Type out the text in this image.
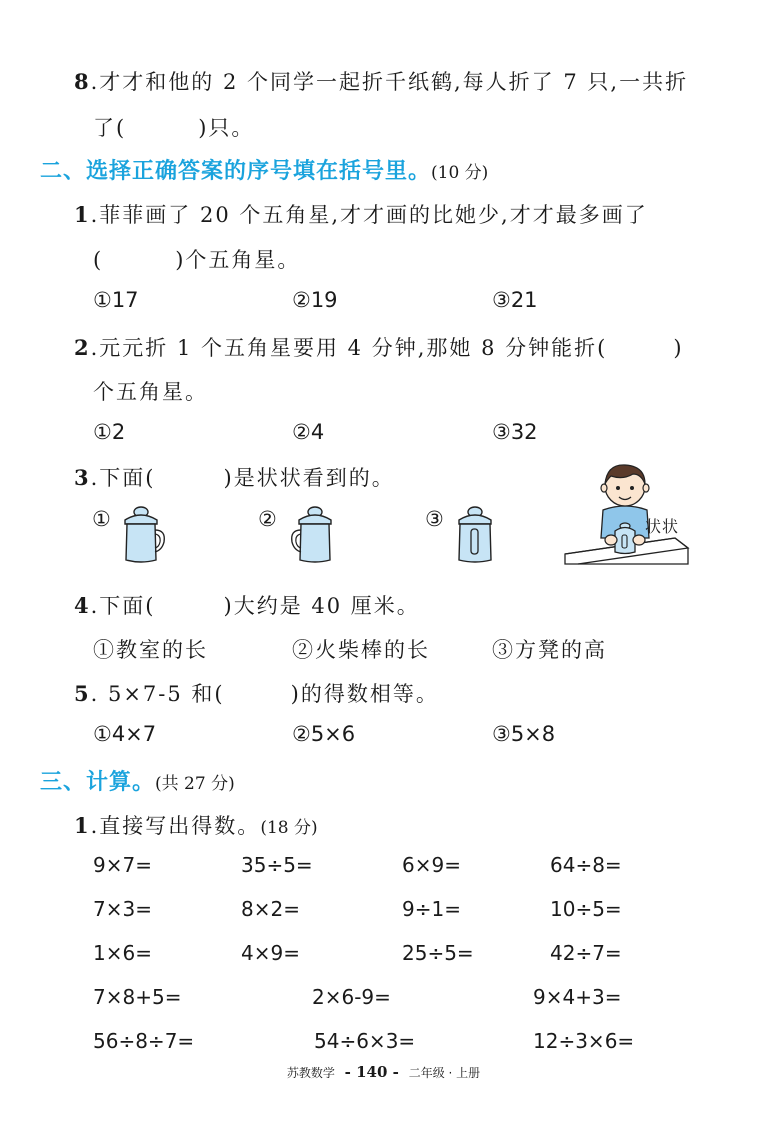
8.才才和他的 2 个同学一起折千纸鹤,每人折了 7 只,一共折
了(	)只。
二、选择正确答案的序号填在括号里。(10 分)
1.菲菲画了 20 个五角星,才才画的比她少,才才最多画了
(	)个五角星。
①17	②19	③21
2.元元折 1 个五角星要用 4 分钟,那她 8 分钟能折(	)
个五角星。
①2	②4	③32
3.下面(	)是状状看到的。
①	②	③	状状
4.下面(	)大约是 40 厘米。
①教室的长	②火柴棒的长	③方凳的高
5. 5×7-5 和(	)的得数相等。
①4×7	②5×6	③5×8
三、计算。(共 27 分)
1.直接写出得数。(18 分)
9×7=	35÷5=	6×9=	64÷8=
7×3=	8×2=	9÷1=	10÷5=
1×6=	4×9=	25÷5=	42÷7=
7×8+5=	2×6-9=	9×4+3=
56÷8÷7=	54÷6×3=	12÷3×6=
苏教数学 - 140 - 二年级 · 上册
